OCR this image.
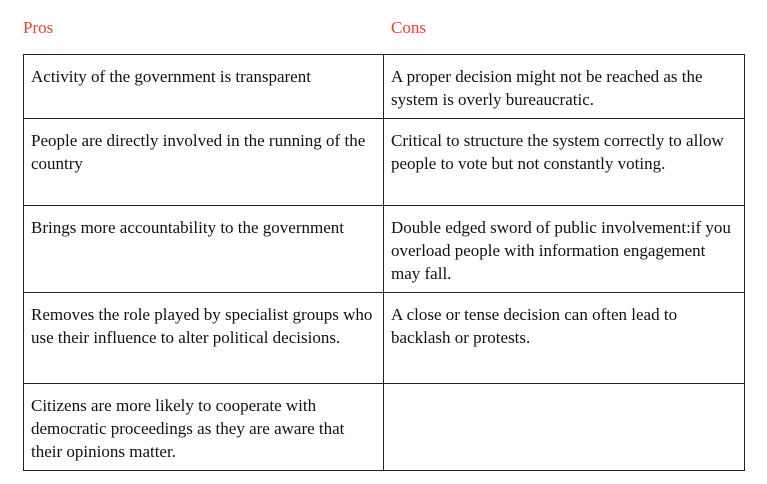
Pros	Cons
Activity of the government is transparent	A proper decision might not be reached as the system is overly bureaucratic.
People are directly involved in the running of the country	Critical to structure the system correctly to allow people to vote but not constantly voting.
Brings more accountability to the government	Double edged sword of public involvement:if you overload people with information engagement may fall.
Removes the role played by specialist groups who use their influence to alter political decisions.	A close or tense decision can often lead to backlash or protests.
Citizens are more likely to cooperate with democratic proceedings as they are aware that their opinions matter.	
